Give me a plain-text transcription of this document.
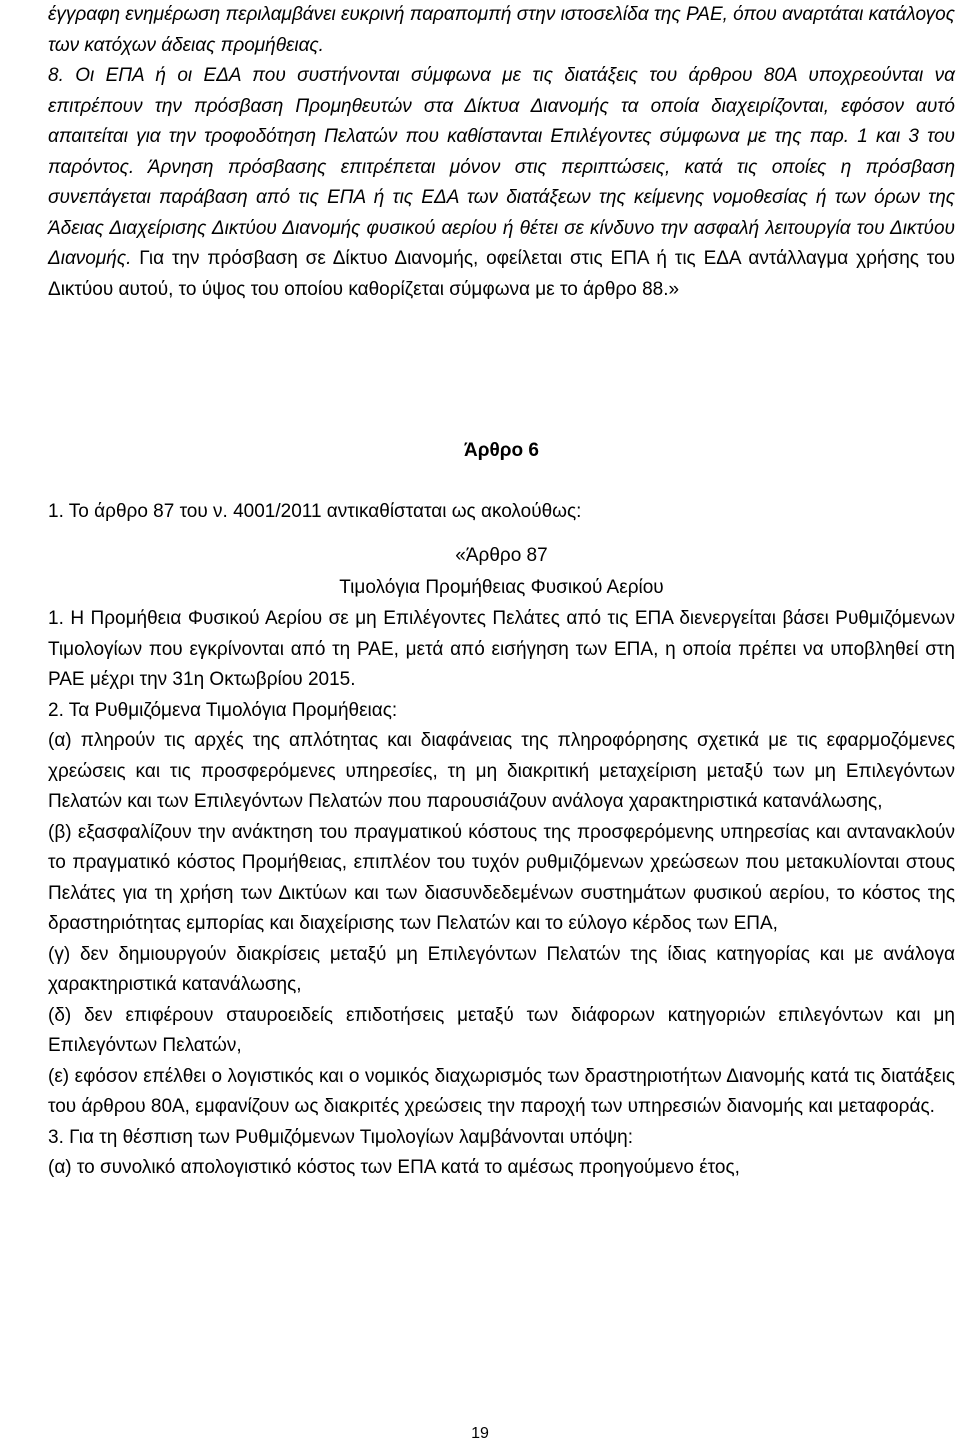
έγγραφη ενημέρωση περιλαμβάνει ευκρινή παραπομπή στην ιστοσελίδα της ΡΑΕ, όπου αναρτάται κατάλογος των κατόχων άδειας προμήθειας.

8. Οι ΕΠΑ ή οι ΕΔΑ που συστήνονται σύμφωνα με τις διατάξεις του άρθρου 80Α υποχρεούνται να επιτρέπουν την πρόσβαση Προμηθευτών στα Δίκτυα Διανομής τα οποία διαχειρίζονται, εφόσον αυτό απαιτείται για την τροφοδότηση Πελατών που καθίστανται Επιλέγοντες σύμφωνα με της παρ. 1 και 3 του παρόντος. Άρνηση πρόσβασης επιτρέπεται μόνον στις περιπτώσεις, κατά τις οποίες η πρόσβαση συνεπάγεται παράβαση από τις ΕΠΑ ή τις ΕΔΑ των διατάξεων της κείμενης νομοθεσίας ή των όρων της Άδειας Διαχείρισης Δικτύου Διανομής φυσικού αερίου ή θέτει σε κίνδυνο την ασφαλή λειτουργία του Δικτύου Διανομής. Για την πρόσβαση σε Δίκτυο Διανομής, οφείλεται στις ΕΠΑ ή τις ΕΔΑ αντάλλαγμα χρήσης του Δικτύου αυτού, το ύψος του οποίου καθορίζεται σύμφωνα με το άρθρο 88.»

Άρθρο 6
1. Το άρθρο 87 του ν. 4001/2011 αντικαθίσταται ως ακολούθως:
«Άρθρο 87
Τιμολόγια Προμήθειας Φυσικού Αερίου

1. Η Προμήθεια Φυσικού Αερίου σε μη Επιλέγοντες Πελάτες από τις ΕΠΑ διενεργείται βάσει Ρυθμιζόμενων Τιμολογίων που εγκρίνονται από τη ΡΑΕ, μετά από εισήγηση των ΕΠΑ, η οποία πρέπει να υποβληθεί στη ΡΑΕ μέχρι την 31η Οκτωβρίου 2015.

2. Τα Ρυθμιζόμενα Τιμολόγια Προμήθειας:

(α) πληρούν τις αρχές της απλότητας και διαφάνειας της πληροφόρησης σχετικά με τις εφαρμοζόμενες χρεώσεις και τις προσφερόμενες υπηρεσίες, τη μη διακριτική μεταχείριση μεταξύ των μη Επιλεγόντων Πελατών και των Επιλεγόντων Πελατών που παρουσιάζουν ανάλογα χαρακτηριστικά κατανάλωσης,

(β) εξασφαλίζουν την ανάκτηση του πραγματικού κόστους της προσφερόμενης υπηρεσίας και αντανακλούν το πραγματικό κόστος Προμήθειας, επιπλέον του τυχόν ρυθμιζόμενων χρεώσεων που μετακυλίονται στους Πελάτες για τη χρήση των Δικτύων και των διασυνδεδεμένων συστημάτων φυσικού αερίου, το κόστος της δραστηριότητας εμπορίας και διαχείρισης των Πελατών και το εύλογο κέρδος των ΕΠΑ,

(γ) δεν δημιουργούν διακρίσεις μεταξύ μη Επιλεγόντων Πελατών της ίδιας κατηγορίας και με ανάλογα χαρακτηριστικά κατανάλωσης,

(δ) δεν επιφέρουν σταυροειδείς επιδοτήσεις μεταξύ των διάφορων κατηγοριών επιλεγόντων και μη Επιλεγόντων Πελατών,

(ε) εφόσον επέλθει ο λογιστικός και ο νομικός διαχωρισμός των δραστηριοτήτων Διανομής κατά τις διατάξεις του άρθρου 80Α, εμφανίζουν ως διακριτές χρεώσεις την παροχή των υπηρεσιών διανομής και μεταφοράς.

3. Για τη θέσπιση των Ρυθμιζόμενων Τιμολογίων λαμβάνονται υπόψη:

(α) το συνολικό απολογιστικό κόστος των ΕΠΑ κατά το αμέσως προηγούμενο έτος,

19
